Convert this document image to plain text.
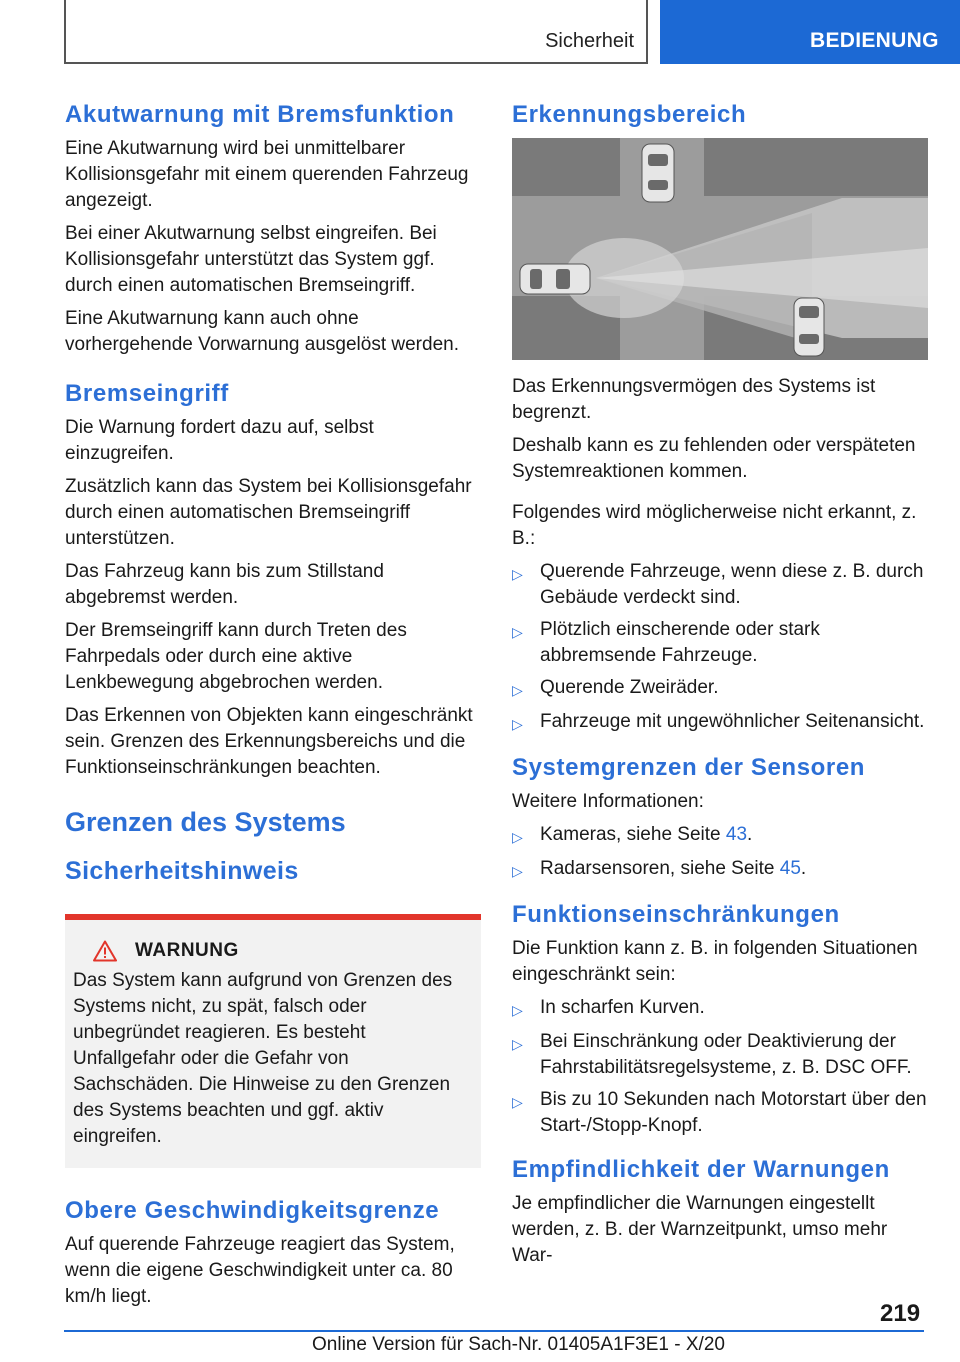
Sicherheit	BEDIENUNG
Akutwarnung mit Bremsfunktion

Eine Akutwarnung wird bei unmittelbarer Kollisionsgefahr mit einem querenden Fahrzeug angezeigt.

Bei einer Akutwarnung selbst eingreifen. Bei Kollisionsgefahr unterstützt das System ggf. durch einen automatischen Bremseingriff.

Eine Akutwarnung kann auch ohne vorhergehende Vorwarnung ausgelöst werden.

Bremseingriff

Die Warnung fordert dazu auf, selbst einzugreifen.

Zusätzlich kann das System bei Kollisionsgefahr durch einen automatischen Bremseingriff unterstützen.

Das Fahrzeug kann bis zum Stillstand abgebremst werden.

Der Bremseingriff kann durch Treten des Fahrpedals oder durch eine aktive Lenkbewegung abgebrochen werden.

Das Erkennen von Objekten kann eingeschränkt sein. Grenzen des Erkennungsbereichs und die Funktionseinschränkungen beachten.

Grenzen des Systems
Sicherheitshinweis
WARNUNG

Das System kann aufgrund von Grenzen des Systems nicht, zu spät, falsch oder unbegründet reagieren. Es besteht Unfallgefahr oder die Gefahr von Sachschäden. Die Hinweise zu den Grenzen des Systems beachten und ggf. aktiv eingreifen.

Obere Geschwindigkeitsgrenze

Auf querende Fahrzeuge reagiert das System, wenn die eigene Geschwindigkeit unter ca. 80 km/h liegt.

Erkennungsbereich

Das Erkennungsvermögen des Systems ist begrenzt.

Deshalb kann es zu fehlenden oder verspäteten Systemreaktionen kommen.

Folgendes wird möglicherweise nicht erkannt, z. B.:

▷ Querende Fahrzeuge, wenn diese z. B. durch Gebäude verdeckt sind.
▷ Plötzlich einscherende oder stark abbremsende Fahrzeuge.
▷ Querende Zweiräder.
▷ Fahrzeuge mit ungewöhnlicher Seitenansicht.
Systemgrenzen der Sensoren

Weitere Informationen:

▷ Kameras, siehe Seite 43.
▷ Radarsensoren, siehe Seite 45.
Funktionseinschränkungen

Die Funktion kann z. B. in folgenden Situationen eingeschränkt sein:

▷ In scharfen Kurven.
▷ Bei Einschränkung oder Deaktivierung der Fahrstabilitätsregelsysteme, z. B. DSC OFF.
▷ Bis zu 10 Sekunden nach Motorstart über den Start-/Stopp-Knopf.
Empfindlichkeit der Warnungen

Je empfindlicher die Warnungen eingestellt werden, z. B. der Warnzeitpunkt, umso mehr War-

219
Online Version für Sach-Nr. 01405A1F3E1 - X/20
